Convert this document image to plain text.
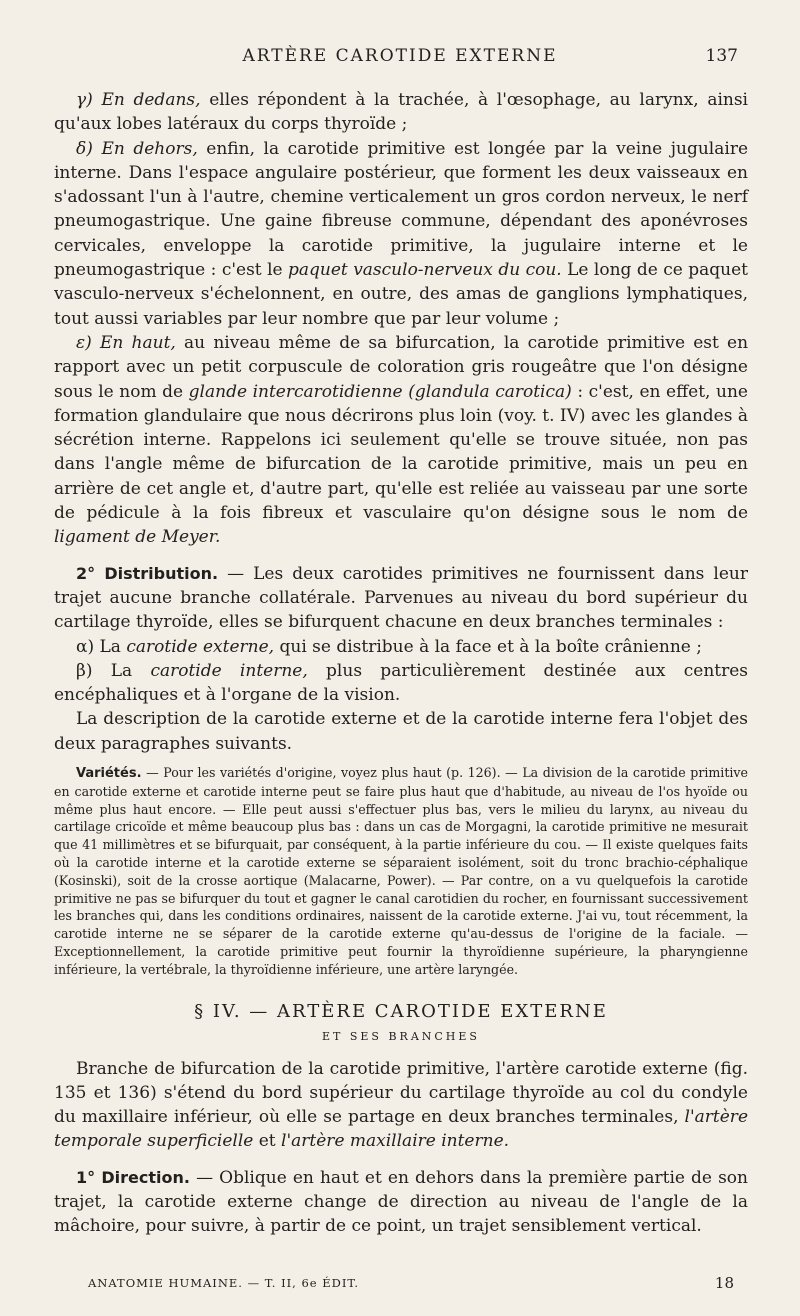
ARTÈRE CAROTIDE EXTERNE	137

γ) En dedans, elles répondent à la trachée, à l'œsophage, au larynx, ainsi qu'aux lobes latéraux du corps thyroïde ;

δ) En dehors, enfin, la carotide primitive est longée par la veine jugulaire interne. Dans l'espace angulaire postérieur, que forment les deux vaisseaux en s'adossant l'un à l'autre, chemine verticalement un gros cordon nerveux, le nerf pneumogastrique. Une gaine fibreuse commune, dépendant des aponévroses cervicales, enveloppe la carotide primitive, la jugulaire interne et le pneumogastrique : c'est le paquet vasculo-nerveux du cou. Le long de ce paquet vasculo-nerveux s'échelonnent, en outre, des amas de ganglions lymphatiques, tout aussi variables par leur nombre que par leur volume ;

ε) En haut, au niveau même de sa bifurcation, la carotide primitive est en rapport avec un petit corpuscule de coloration gris rougeâtre que l'on désigne sous le nom de glande intercarotidienne (glandula carotica) : c'est, en effet, une formation glandulaire que nous décrirons plus loin (voy. t. IV) avec les glandes à sécrétion interne. Rappelons ici seulement qu'elle se trouve située, non pas dans l'angle même de bifurcation de la carotide primitive, mais un peu en arrière de cet angle et, d'autre part, qu'elle est reliée au vaisseau par une sorte de pédicule à la fois fibreux et vasculaire qu'on désigne sous le nom de ligament de Meyer.

2° Distribution. — Les deux carotides primitives ne fournissent dans leur trajet aucune branche collatérale. Parvenues au niveau du bord supérieur du cartilage thyroïde, elles se bifurquent chacune en deux branches terminales :

α) La carotide externe, qui se distribue à la face et à la boîte crânienne ;

β) La carotide interne, plus particulièrement destinée aux centres encéphaliques et à l'organe de la vision.

La description de la carotide externe et de la carotide interne fera l'objet des deux paragraphes suivants.

Variétés. — Pour les variétés d'origine, voyez plus haut (p. 126). — La division de la carotide primitive en carotide externe et carotide interne peut se faire plus haut que d'habitude, au niveau de l'os hyoïde ou même plus haut encore. — Elle peut aussi s'effectuer plus bas, vers le milieu du larynx, au niveau du cartilage cricoïde et même beaucoup plus bas : dans un cas de Morgagni, la carotide primitive ne mesurait que 41 millimètres et se bifurquait, par conséquent, à la partie inférieure du cou. — Il existe quelques faits où la carotide interne et la carotide externe se séparaient isolément, soit du tronc brachio-céphalique (Kosinski), soit de la crosse aortique (Malacarne, Power). — Par contre, on a vu quelquefois la carotide primitive ne pas se bifurquer du tout et gagner le canal carotidien du rocher, en fournissant successivement les branches qui, dans les conditions ordinaires, naissent de la carotide externe. J'ai vu, tout récemment, la carotide interne ne se séparer de la carotide externe qu'au-dessus de l'origine de la faciale. — Exceptionnellement, la carotide primitive peut fournir la thyroïdienne supérieure, la pharyngienne inférieure, la vertébrale, la thyroïdienne inférieure, une artère laryngée.

§ IV. — ARTÈRE CAROTIDE EXTERNE
ET SES BRANCHES

Branche de bifurcation de la carotide primitive, l'artère carotide externe (fig. 135 et 136) s'étend du bord supérieur du cartilage thyroïde au col du condyle du maxillaire inférieur, où elle se partage en deux branches terminales, l'artère temporale superficielle et l'artère maxillaire interne.

1° Direction. — Oblique en haut et en dehors dans la première partie de son trajet, la carotide externe change de direction au niveau de l'angle de la mâchoire, pour suivre, à partir de ce point, un trajet sensiblement vertical.

ANATOMIE HUMAINE. — T. II, 6e ÉDIT.	18
